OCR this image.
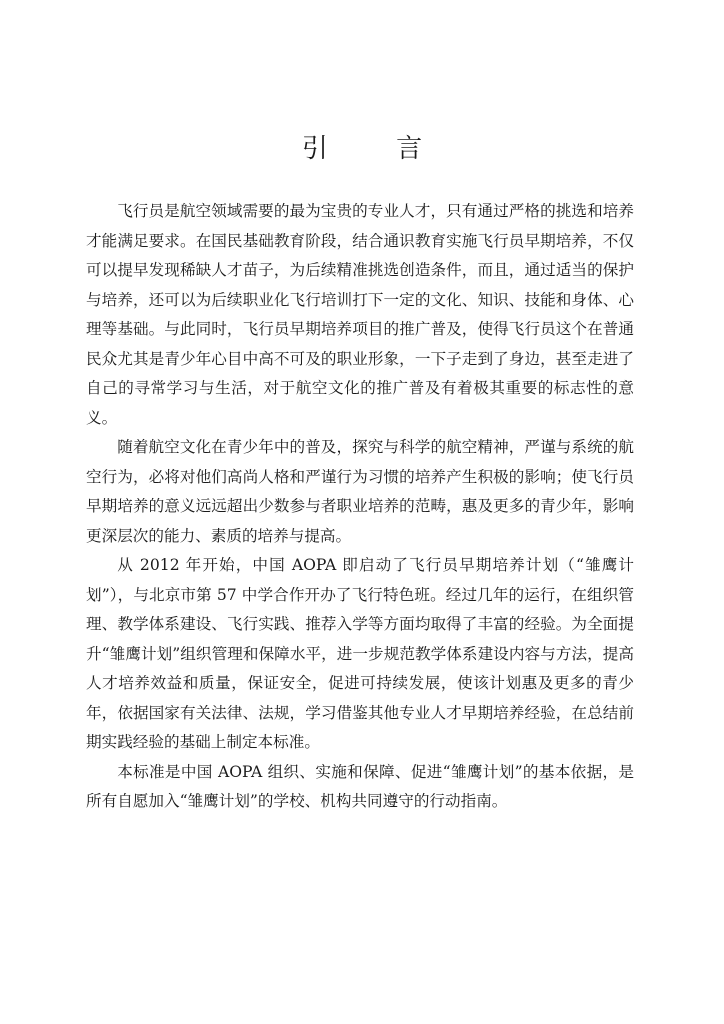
引 言

飞行员是航空领域需要的最为宝贵的专业人才，只有通过严格的挑选和培养才能满足要求。在国民基础教育阶段，结合通识教育实施飞行员早期培养，不仅可以提早发现稀缺人才苗子，为后续精准挑选创造条件，而且，通过适当的保护与培养，还可以为后续职业化飞行培训打下一定的文化、知识、技能和身体、心理等基础。与此同时，飞行员早期培养项目的推广普及，使得飞行员这个在普通民众尤其是青少年心目中高不可及的职业形象，一下子走到了身边，甚至走进了自己的寻常学习与生活，对于航空文化的推广普及有着极其重要的标志性的意义。

随着航空文化在青少年中的普及，探究与科学的航空精神，严谨与系统的航空行为，必将对他们高尚人格和严谨行为习惯的培养产生积极的影响；使飞行员早期培养的意义远远超出少数参与者职业培养的范畴，惠及更多的青少年，影响更深层次的能力、素质的培养与提高。

从 2012 年开始，中国 AOPA 即启动了飞行员早期培养计划（“雏鹰计划”），与北京市第 57 中学合作开办了飞行特色班。经过几年的运行，在组织管理、教学体系建设、飞行实践、推荐入学等方面均取得了丰富的经验。为全面提升“雏鹰计划”组织管理和保障水平，进一步规范教学体系建设内容与方法，提高人才培养效益和质量，保证安全，促进可持续发展，使该计划惠及更多的青少年，依据国家有关法律、法规，学习借鉴其他专业人才早期培养经验，在总结前期实践经验的基础上制定本标准。

本标准是中国 AOPA 组织、实施和保障、促进“雏鹰计划”的基本依据，是所有自愿加入“雏鹰计划”的学校、机构共同遵守的行动指南。
